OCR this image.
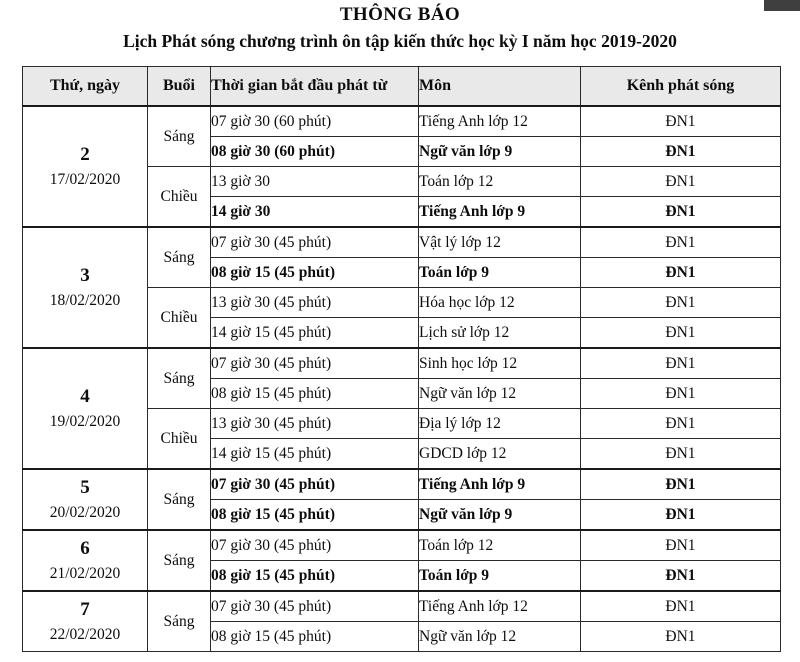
THÔNG BÁO
Lịch Phát sóng chương trình ôn tập kiến thức học kỳ I năm học 2019-2020
Thứ, ngày	Buổi	Thời gian bắt đầu phát từ	Môn	Kênh phát sóng

2
17/02/2020	Sáng	07 giờ 30 (60 phút)	Tiếng Anh lớp 12	ĐN1
		08 giờ 30 (60 phút)	Ngữ văn lớp 9	ĐN1
	Chiều	13 giờ 30	Toán lớp 12	ĐN1
		14 giờ 30	Tiếng Anh lớp 9	ĐN1

3
18/02/2020	Sáng	07 giờ 30 (45 phút)	Vật lý lớp 12	ĐN1
		08 giờ 15 (45 phút)	Toán lớp 9	ĐN1
	Chiều	13 giờ 30 (45 phút)	Hóa học lớp 12	ĐN1
		14 giờ 15 (45 phút)	Lịch sử lớp 12	ĐN1

4
19/02/2020	Sáng	07 giờ 30 (45 phút)	Sinh học lớp 12	ĐN1
		08 giờ 15 (45 phút)	Ngữ văn lớp 12	ĐN1
	Chiều	13 giờ 30 (45 phút)	Địa lý lớp 12	ĐN1
		14 giờ 15 (45 phút)	GDCD lớp 12	ĐN1

5
20/02/2020	Sáng	07 giờ 30 (45 phút)	Tiếng Anh lớp 9	ĐN1
		08 giờ 15 (45 phút)	Ngữ văn lớp 9	ĐN1

6
21/02/2020	Sáng	07 giờ 30 (45 phút)	Toán lớp 12	ĐN1
		08 giờ 15 (45 phút)	Toán lớp 9	ĐN1

7
22/02/2020	Sáng	07 giờ 30 (45 phút)	Tiếng Anh lớp 12	ĐN1
		08 giờ 15 (45 phút)	Ngữ văn lớp 12	ĐN1
